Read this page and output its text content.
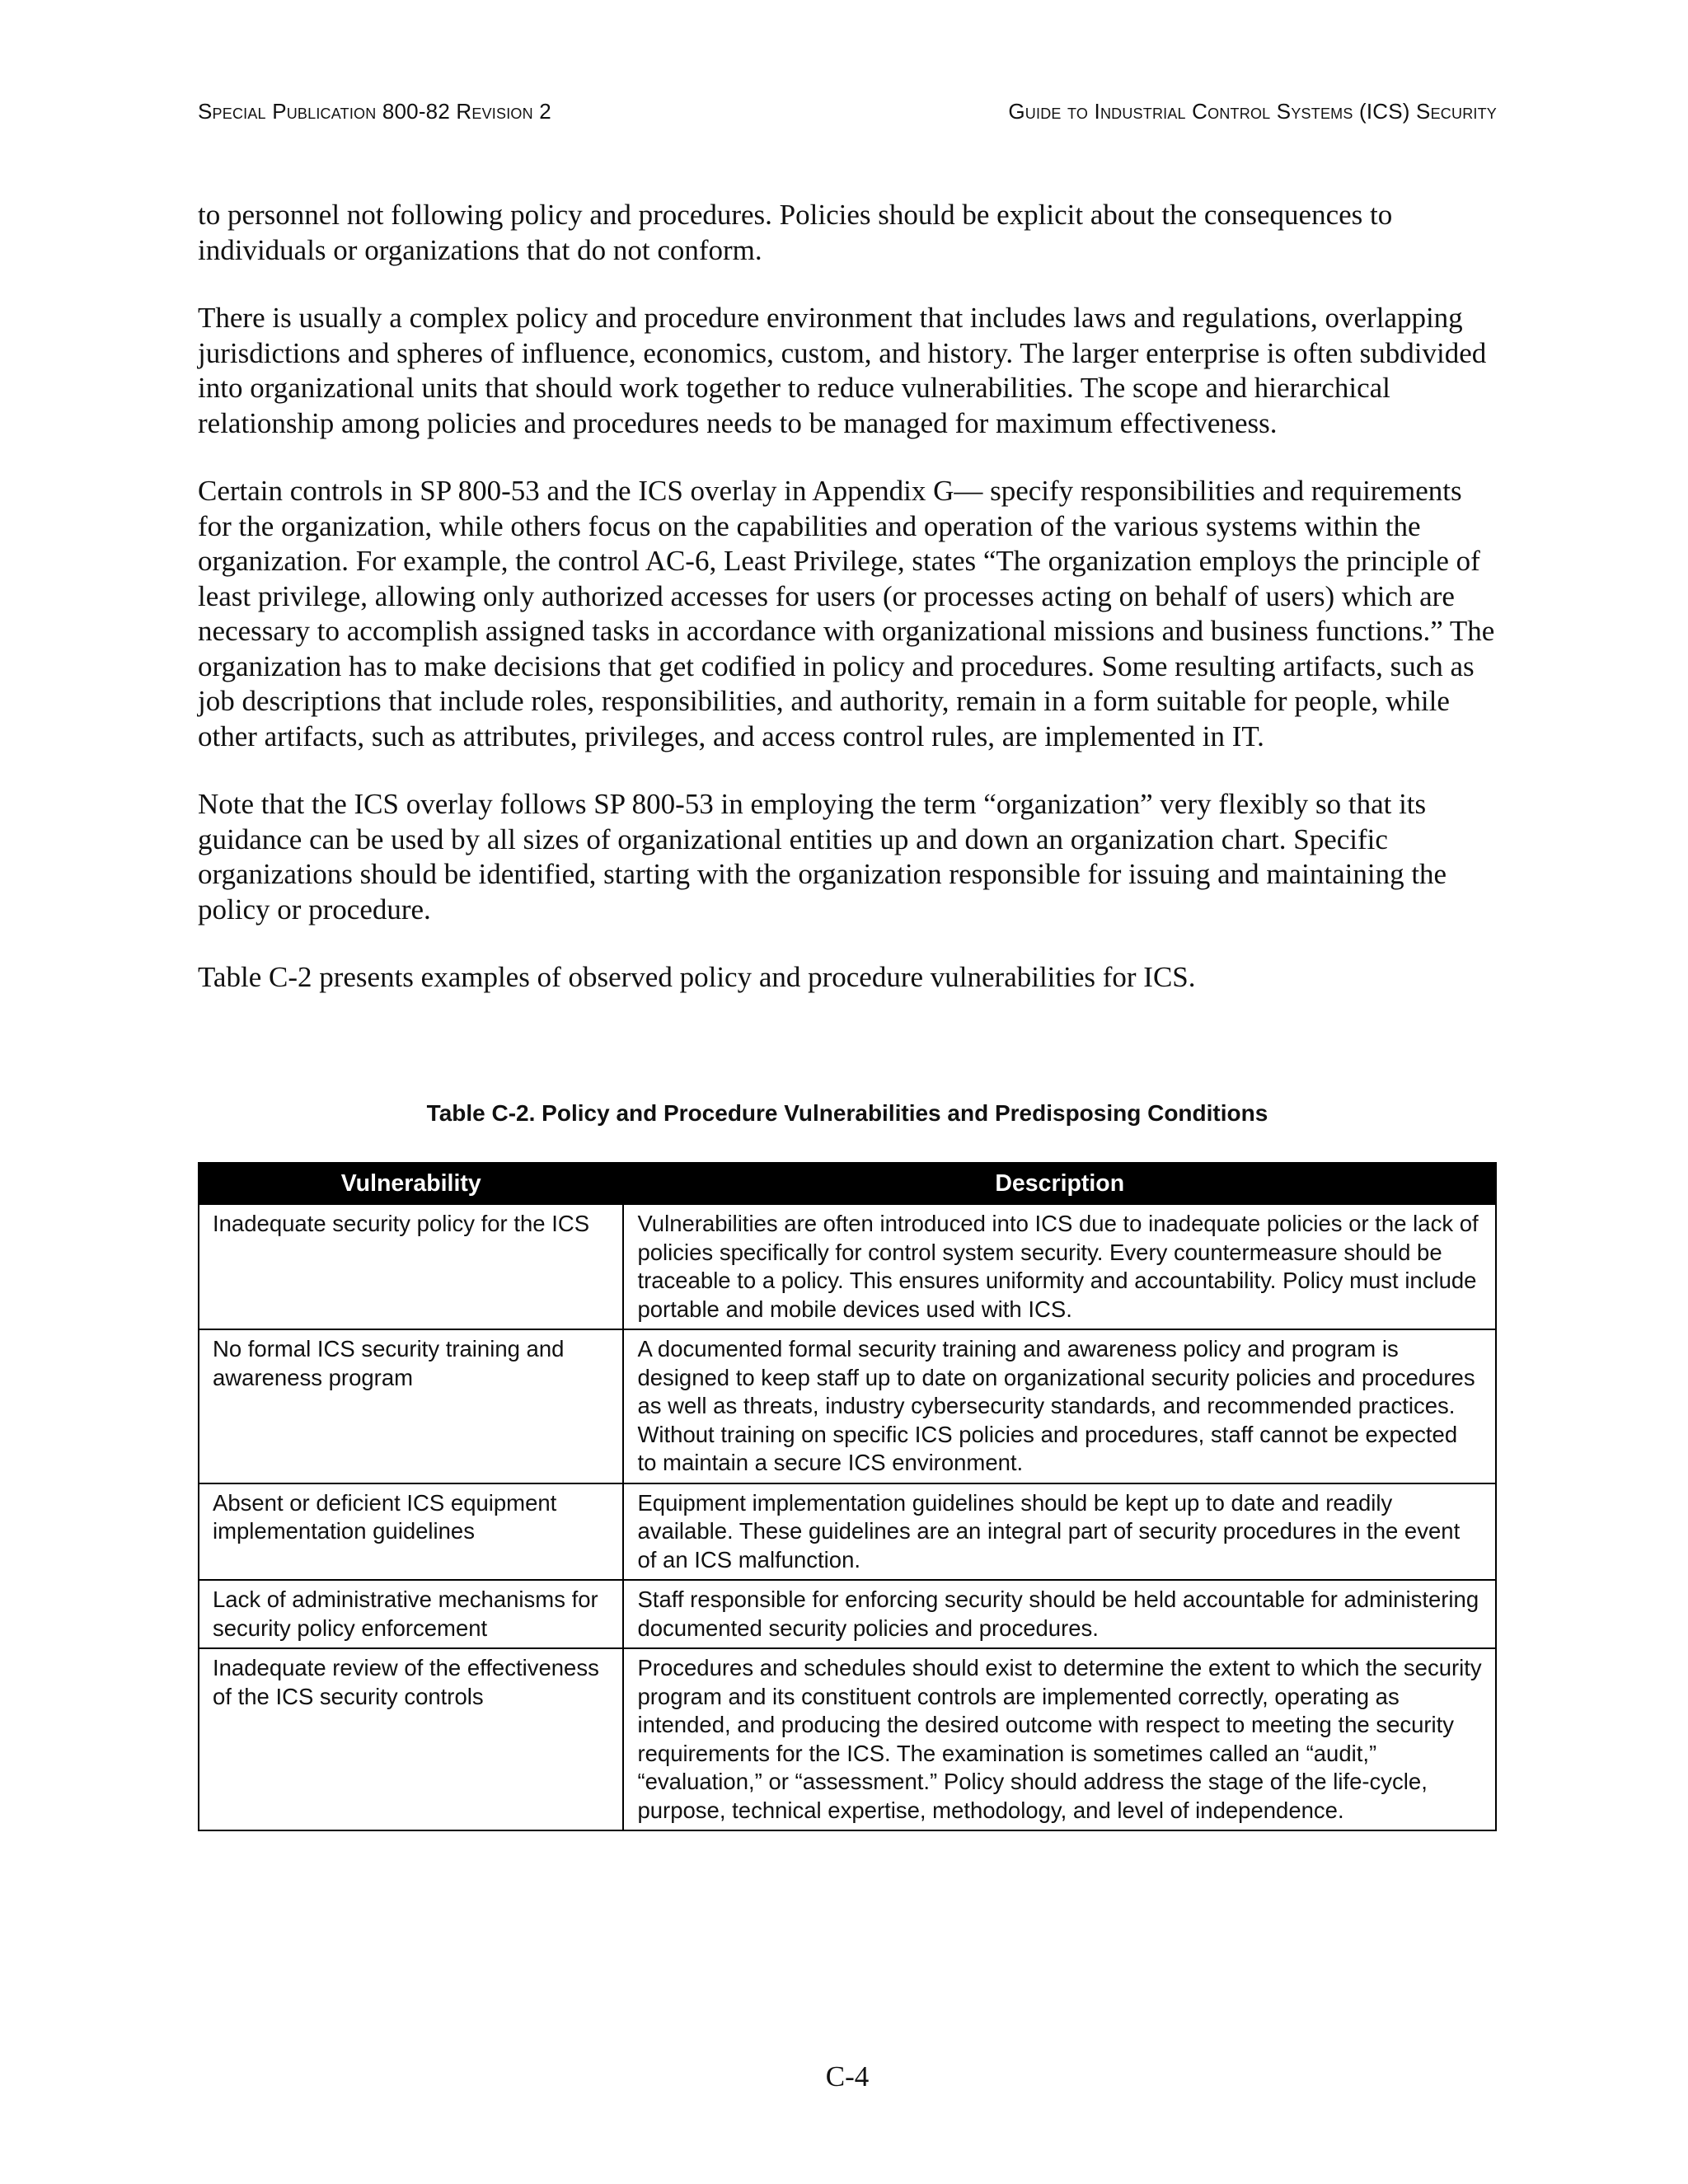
Special Publication 800-82 Revision 2	Guide to Industrial Control Systems (ICS) Security

to personnel not following policy and procedures. Policies should be explicit about the consequences to individuals or organizations that do not conform.

There is usually a complex policy and procedure environment that includes laws and regulations, overlapping jurisdictions and spheres of influence, economics, custom, and history. The larger enterprise is often subdivided into organizational units that should work together to reduce vulnerabilities. The scope and hierarchical relationship among policies and procedures needs to be managed for maximum effectiveness.

Certain controls in SP 800-53 and the ICS overlay in Appendix G— specify responsibilities and requirements for the organization, while others focus on the capabilities and operation of the various systems within the organization. For example, the control AC-6, Least Privilege, states “The organization employs the principle of least privilege, allowing only authorized accesses for users (or processes acting on behalf of users) which are necessary to accomplish assigned tasks in accordance with organizational missions and business functions.” The organization has to make decisions that get codified in policy and procedures. Some resulting artifacts, such as job descriptions that include roles, responsibilities, and authority, remain in a form suitable for people, while other artifacts, such as attributes, privileges, and access control rules, are implemented in IT.

Note that the ICS overlay follows SP 800-53 in employing the term “organization” very flexibly so that its guidance can be used by all sizes of organizational entities up and down an organization chart. Specific organizations should be identified, starting with the organization responsible for issuing and maintaining the policy or procedure.

Table C-2 presents examples of observed policy and procedure vulnerabilities for ICS.

Table C-2. Policy and Procedure Vulnerabilities and Predisposing Conditions
Vulnerability	Description
Inadequate security policy for the ICS	Vulnerabilities are often introduced into ICS due to inadequate policies or the lack of policies specifically for control system security. Every countermeasure should be traceable to a policy. This ensures uniformity and accountability. Policy must include portable and mobile devices used with ICS.
No formal ICS security training and awareness program	A documented formal security training and awareness policy and program is designed to keep staff up to date on organizational security policies and procedures as well as threats, industry cybersecurity standards, and recommended practices. Without training on specific ICS policies and procedures, staff cannot be expected to maintain a secure ICS environment.
Absent or deficient ICS equipment implementation guidelines	Equipment implementation guidelines should be kept up to date and readily available. These guidelines are an integral part of security procedures in the event of an ICS malfunction.
Lack of administrative mechanisms for security policy enforcement	Staff responsible for enforcing security should be held accountable for administering documented security policies and procedures.
Inadequate review of the effectiveness of the ICS security controls	Procedures and schedules should exist to determine the extent to which the security program and its constituent controls are implemented correctly, operating as intended, and producing the desired outcome with respect to meeting the security requirements for the ICS. The examination is sometimes called an “audit,” “evaluation,” or “assessment.” Policy should address the stage of the life-cycle, purpose, technical expertise, methodology, and level of independence.
C-4
